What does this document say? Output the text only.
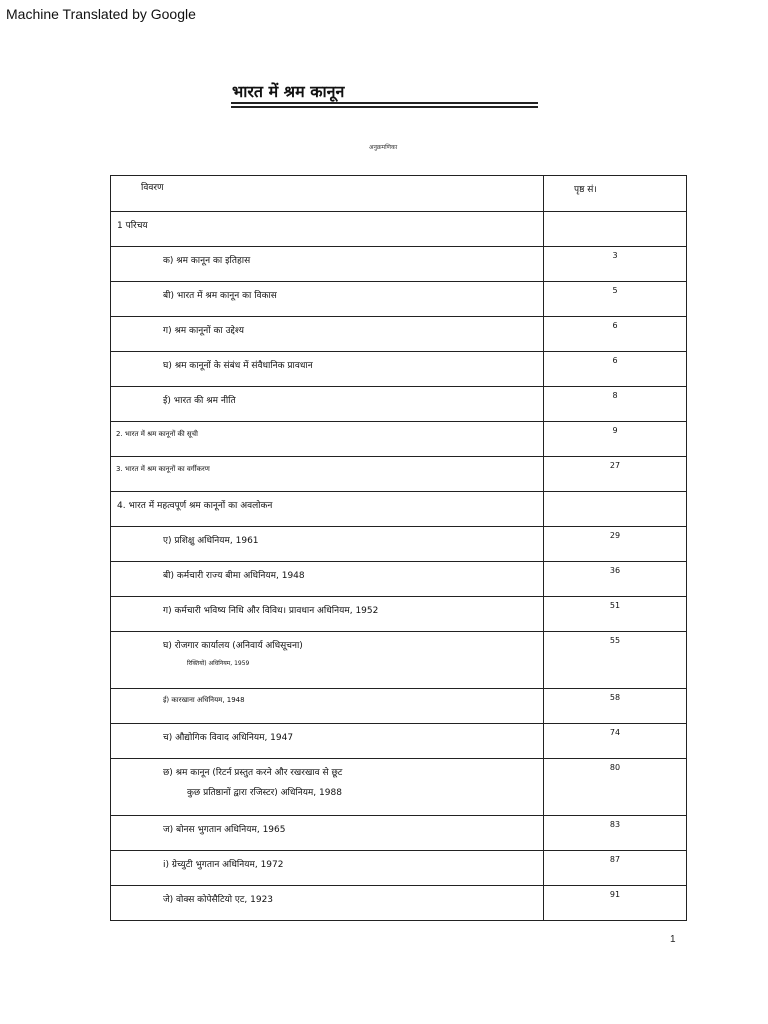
Machine Translated by Google
भारत में श्रम कानून
अनुक्रमणिका
विवरण	पृष्ठ सं।

1 परिचय	

क) श्रम कानून का इतिहास	3

बी) भारत में श्रम कानून का विकास	5

ग) श्रम कानूनों का उद्देश्य	6

घ) श्रम कानूनों के संबंध में संवैधानिक प्रावधान	6

ई) भारत की श्रम नीति	8

2. भारत में श्रम कानूनों की सूची	9

3. भारत में श्रम कानूनों का वर्गीकरण	27

4. भारत में महत्वपूर्ण श्रम कानूनों का अवलोकन	

ए) प्रशिक्षु अधिनियम, 1961	29

बी) कर्मचारी राज्य बीमा अधिनियम, 1948	36

ग) कर्मचारी भविष्य निधि और विविध। प्रावधान अधिनियम, 1952	51

घ) रोजगार कार्यालय (अनिवार्य अधिसूचना)
रिक्तियों) अधिनियम, 1959	55

ई) कारखाना अधिनियम, 1948	58

च) औद्योगिक विवाद अधिनियम, 1947	74

छ) श्रम कानून (रिटर्न प्रस्तुत करने और रखरखाव से छूट
कुछ प्रतिष्ठानों द्वारा रजिस्टर) अधिनियम, 1988	80

ज) बोनस भुगतान अधिनियम, 1965	83

i) ग्रेच्युटी भुगतान अधिनियम, 1972	87

जे) वोक्स कोपेसैटियो एट, 1923	91
1
